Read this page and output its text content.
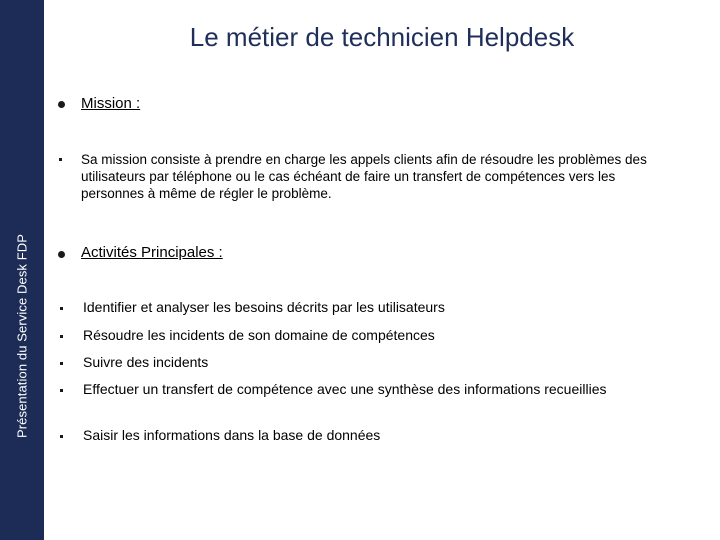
Présentation du Service Desk FDP
Le métier de technicien Helpdesk
Mission :
Sa mission consiste à prendre en charge les appels clients afin de résoudre les problèmes des utilisateurs par téléphone ou le cas échéant de faire un transfert de compétences vers les personnes à même de régler le problème.
Activités Principales :
Identifier et analyser les besoins décrits par les utilisateurs
Résoudre les incidents de son domaine de compétences
Suivre des incidents
Effectuer un transfert de compétence avec une synthèse des informations recueillies
Saisir les informations dans la base de données
